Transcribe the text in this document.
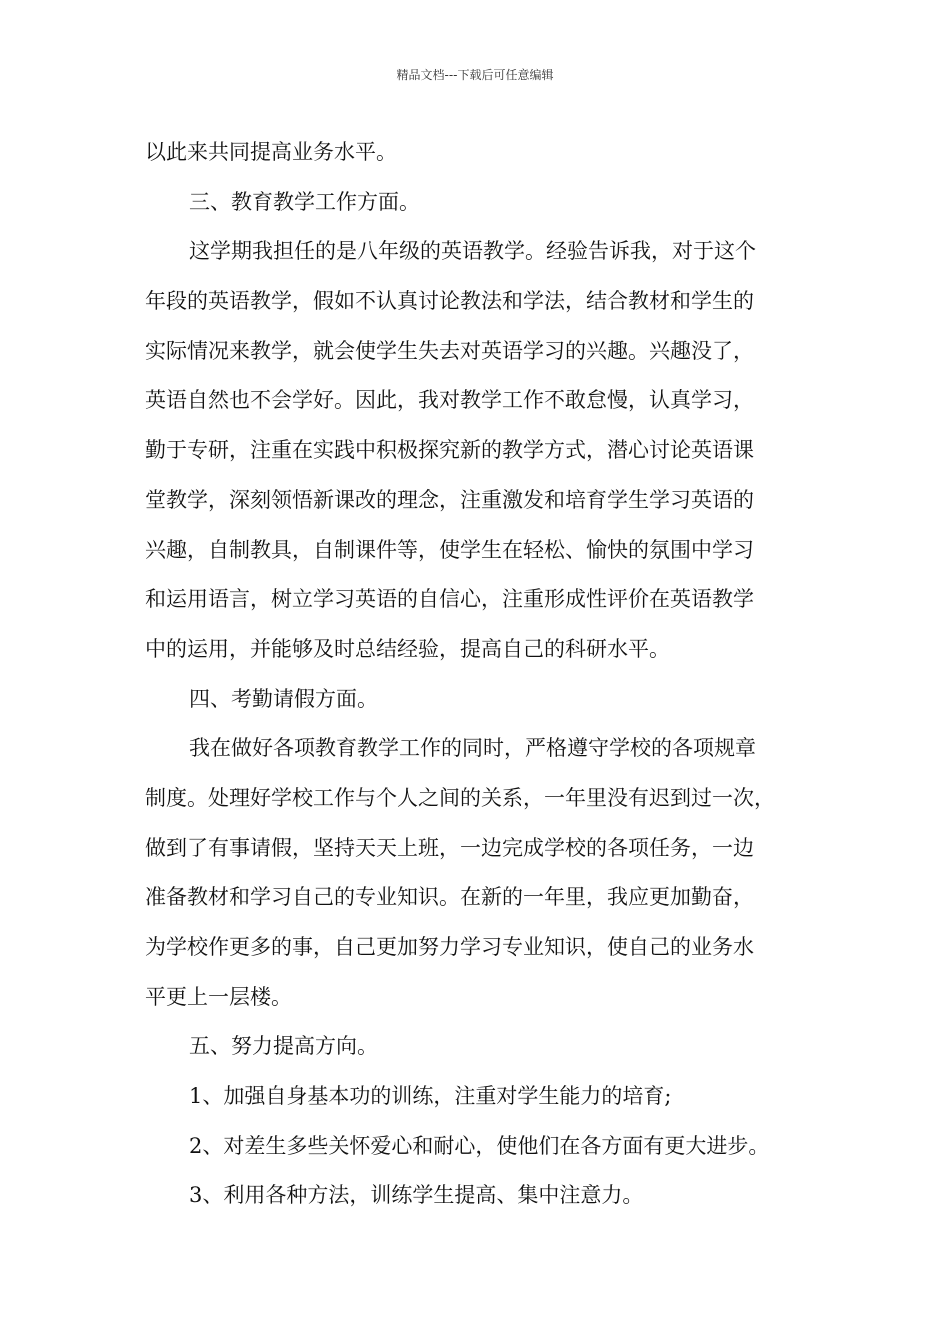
精品文档---下载后可任意编辑
以此来共同提高业务水平。
三、教育教学工作方面。
这学期我担任的是八年级的英语教学。经验告诉我，对于这个
年段的英语教学，假如不认真讨论教法和学法，结合教材和学生的
实际情况来教学，就会使学生失去对英语学习的兴趣。兴趣没了，
英语自然也不会学好。因此，我对教学工作不敢怠慢，认真学习，
勤于专研，注重在实践中积极探究新的教学方式，潜心讨论英语课
堂教学，深刻领悟新课改的理念，注重激发和培育学生学习英语的
兴趣，自制教具，自制课件等，使学生在轻松、愉快的氛围中学习
和运用语言，树立学习英语的自信心，注重形成性评价在英语教学
中的运用，并能够及时总结经验，提高自己的科研水平。
四、考勤请假方面。
我在做好各项教育教学工作的同时，严格遵守学校的各项规章
制度。处理好学校工作与个人之间的关系，一年里没有迟到过一次，
做到了有事请假，坚持天天上班，一边完成学校的各项任务，一边
准备教材和学习自己的专业知识。在新的一年里，我应更加勤奋，
为学校作更多的事，自己更加努力学习专业知识，使自己的业务水
平更上一层楼。
五、努力提高方向。
1、加强自身基本功的训练，注重对学生能力的培育;
2、对差生多些关怀爱心和耐心，使他们在各方面有更大进步。
3、利用各种方法，训练学生提高、集中注意力。
